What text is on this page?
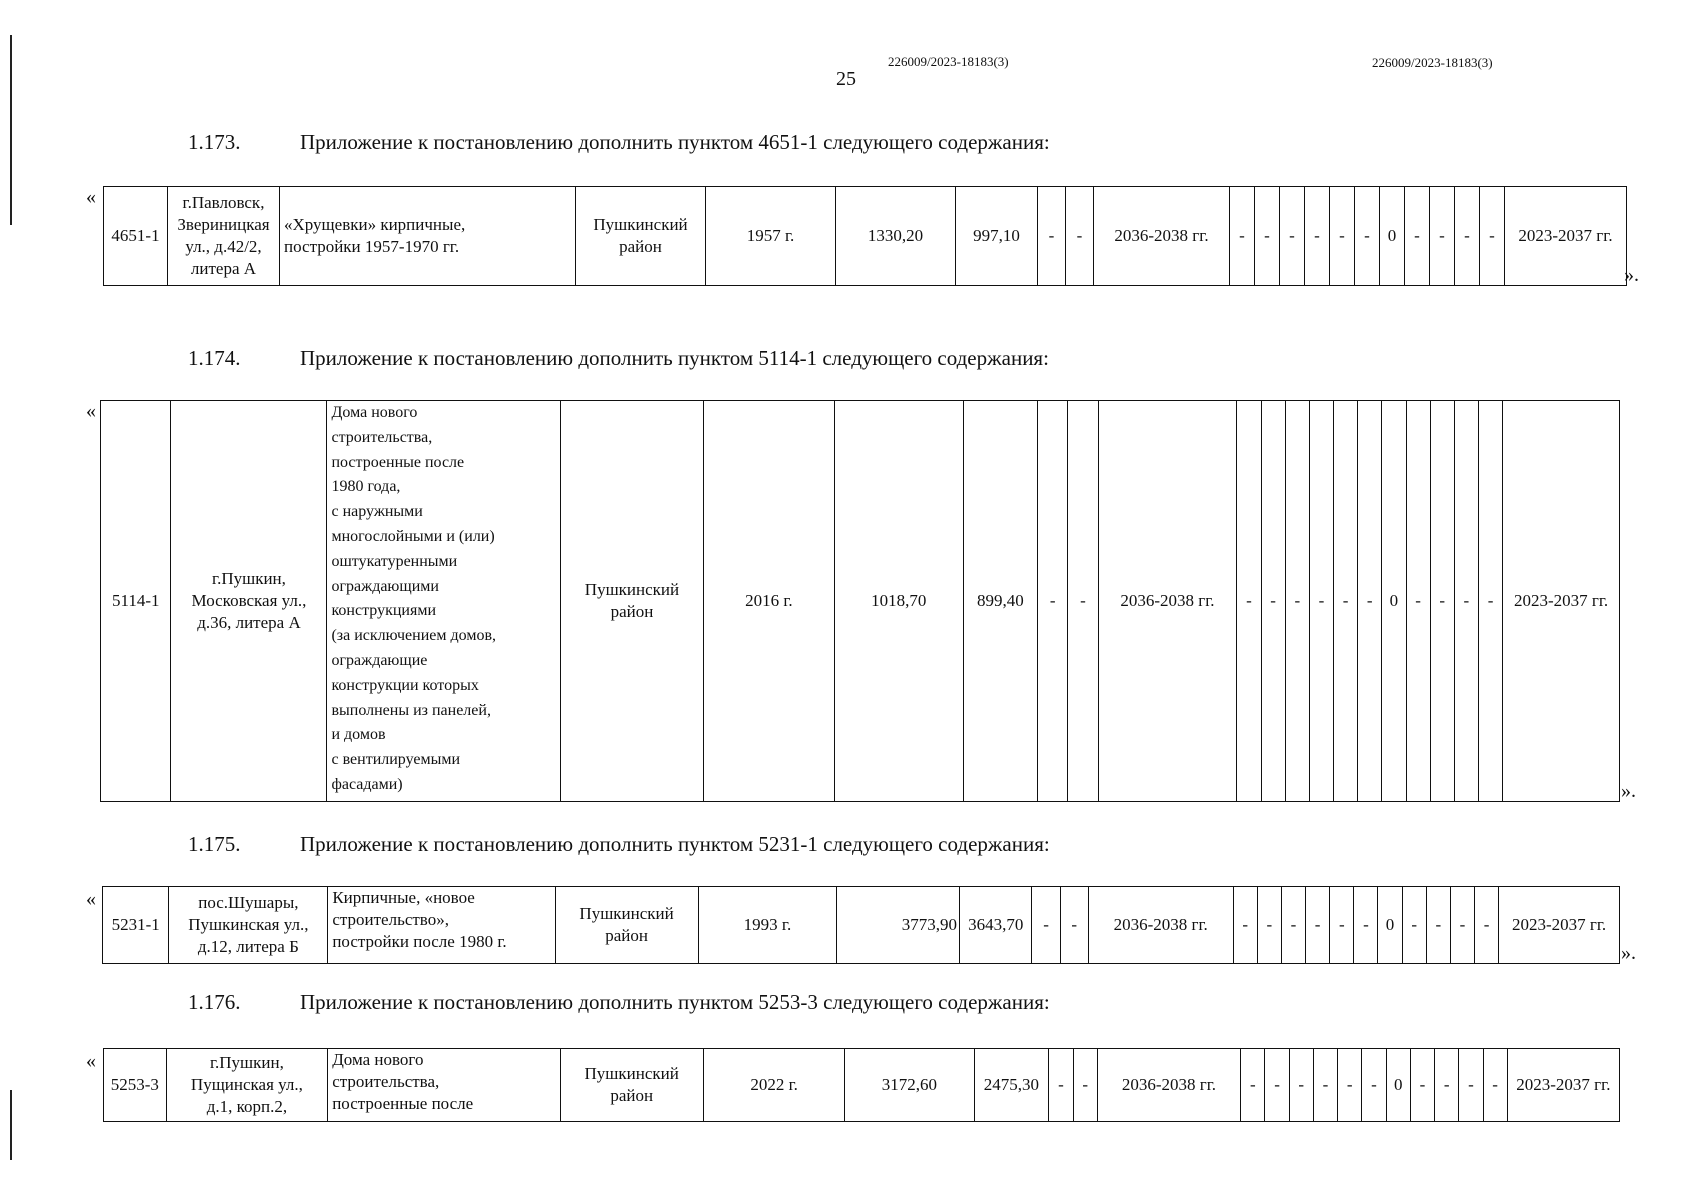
226009/2023-18183(3)	226009/2023-18183(3)
25
1.173.	Приложение к постановлению дополнить пунктом 4651-1 следующего содержания:
«
4651-1	г.Павловск,
Звериницкая
ул., д.42/2,
литера А	«Хрущевки» кирпичные,
постройки 1957-1970 гг.	Пушкинский
район	1957 г.	1330,20	997,10	-	-	2036-2038 гг.	-	-	-	-	-	-	0	-	-	-	-	2023-2037 гг.
».
1.174.	Приложение к постановлению дополнить пунктом 5114-1 следующего содержания:
«
5114-1	г.Пушкин,
Московская ул.,
д.36, литера А	Дома нового
строительства,
построенные после
1980 года,
с наружными
многослойными и (или)
оштукатуренными
ограждающими
конструкциями
(за исключением домов,
ограждающие
конструкции которых
выполнены из панелей,
и домов
с вентилируемыми
фасадами)	Пушкинский
район	2016 г.	1018,70	899,40	-	-	2036-2038 гг.	-	-	-	-	-	-	0	-	-	-	-	2023-2037 гг.
».
1.175.	Приложение к постановлению дополнить пунктом 5231-1 следующего содержания:
«
5231-1	пос.Шушары,
Пушкинская ул.,
д.12, литера Б	Кирпичные, «новое
строительство»,
постройки после 1980 г.	Пушкинский
район	1993 г.	3773,90	3643,70	-	-	2036-2038 гг.	-	-	-	-	-	-	0	-	-	-	-	2023-2037 гг.
».
1.176.	Приложение к постановлению дополнить пунктом 5253-3 следующего содержания:
«
5253-3	г.Пушкин,
Пущинская ул.,
д.1, корп.2,	Дома нового
строительства,
построенные после	Пушкинский
район	2022 г.	3172,60	2475,30	-	-	2036-2038 гг.	-	-	-	-	-	-	0	-	-	-	-	2023-2037 гг.
